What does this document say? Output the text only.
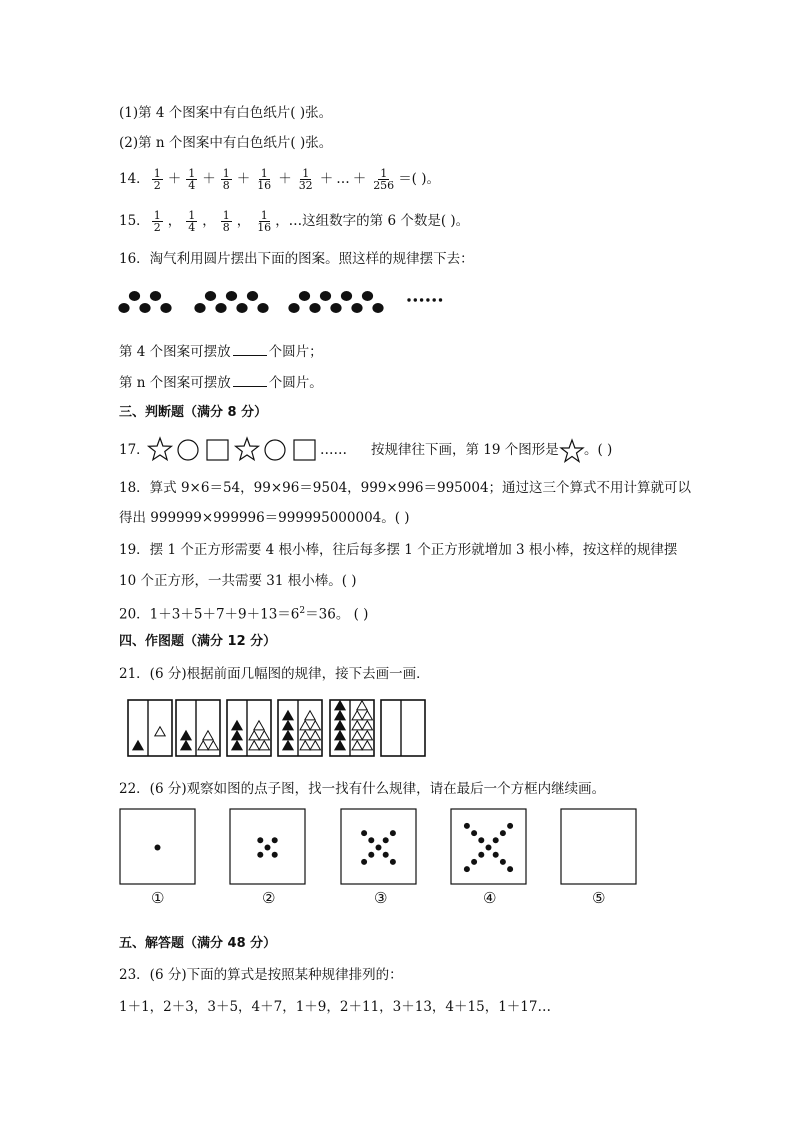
(1)第 4 个图案中有白色纸片( )张。
(2)第 n 个图案中有白色纸片( )张。
14． $\frac{1}{2} + \frac{1}{4} + \frac{1}{8} + \frac{1}{16} + \frac{1}{32}$ ＋ … ＋ $\frac{1}{256}$ ＝( )。
15． $\frac{1}{2}$ ， $\frac{1}{4}$ ， $\frac{1}{8}$ ， $\frac{1}{16}$ ，…这组数字的第 6 个数是( )。
16．淘气利用圆片摆出下面的图案。照这样的规律摆下去：
第 4 个图案可摆放	个圆片；
第 n 个图案可摆放	个圆片。
三、判断题（满分 8 分）
17．	…… 按规律往下画，第 19 个图形是 。( )
18．算式 9×6＝54，99×96＝9504，999×996＝995004；通过这三个算式不用计算就可以
得出 999999×999996＝999995000004。( )
19．摆 1 个正方形需要 4 根小棒，往后每多摆 1 个正方形就增加 3 根小棒，按这样的规律摆
10 个正方形，一共需要 31 根小棒。( )
20．$1+3+5+7+9+13=6^2=36$。 ( )
四、作图题（满分 12 分）
21．(6 分)根据前面几幅图的规律，接下去画一画．
22．(6 分)观察如图的点子图，找一找有什么规律，请在最后一个方框内继续画。
①	②	③	④	⑤
五、解答题（满分 48 分）
23．(6 分)下面的算式是按照某种规律排列的：
1＋1，2＋3，3＋5，4＋7，1＋9，2＋11，3＋13，4＋15，1＋17…
